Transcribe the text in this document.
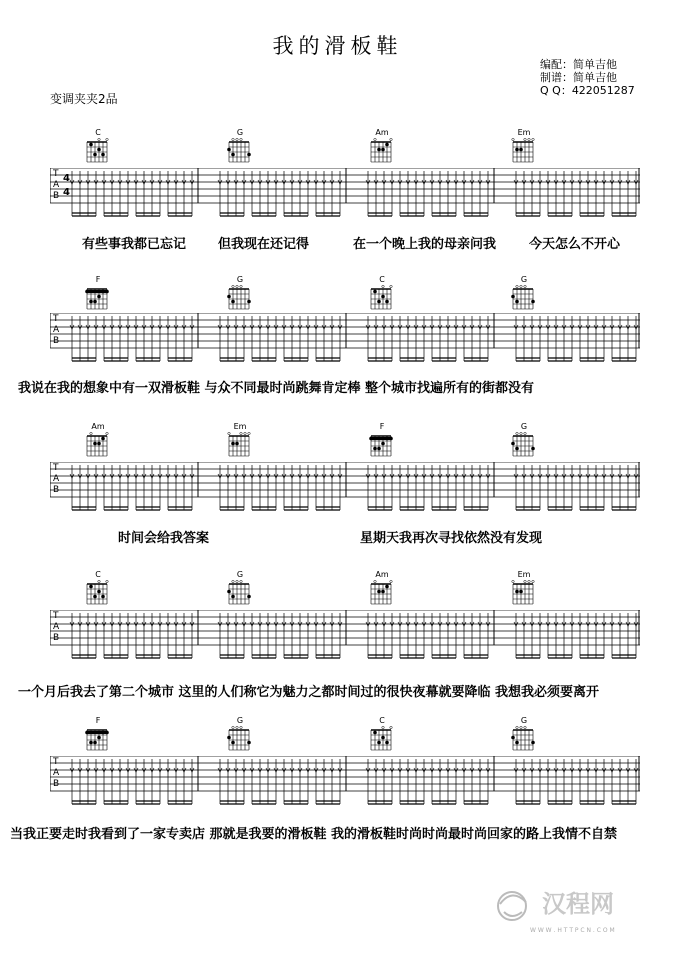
我的滑板鞋
编配：简单吉他
制谱：简单吉他
Q Q：422051287
变调夹夹2品
T
A
B
4
4
C	G	Am	Em
T
A
B
F	G	C	G
T
A
B
Am	Em	F	G
T
A
B
C	G	Am	Em
T
A
B
F	G	C	G
有些事我都已忘记 但我现在还记得	在一个晚上我的母亲问我	今天怎么不开心
我说在我的想象中有一双滑板鞋 与众不同最时尚跳舞肯定棒 整个城市找遍所有的街都没有
时间会给我答案	星期天我再次寻找依然没有发现
一个月后我去了第二个城市 这里的人们称它为魅力之都时间过的很快夜幕就要降临 我想我必须要离开
当我正要走时我看到了一家专卖店 那就是我要的滑板鞋 我的滑板鞋时尚时尚最时尚回家的路上我情不自禁
汉程网
W W W . H T T P C N . C O M
